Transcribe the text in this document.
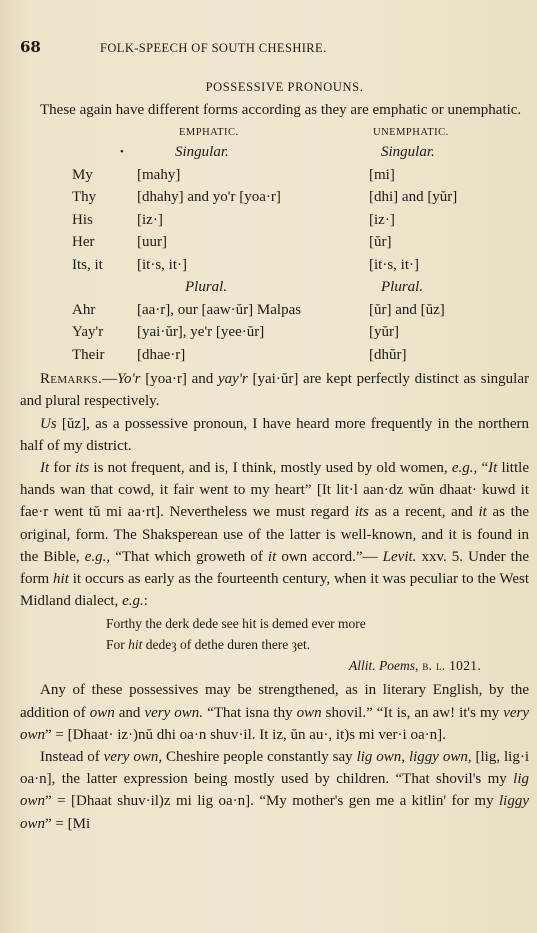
68	FOLK-SPEECH OF SOUTH CHESHIRE.
POSSESSIVE PRONOUNS.

These again have different forms according as they are emphatic or unemphatic.

EMPHATIC.	UNEMPHATIC.
•	Singular.	Singular.
My	[mahy]	[mi]
Thy	[dhahy] and yo'r [yoa·r]	[dhi] and [yŭr]
His	[iz·]	[iz·]
Her	[uur]	[ŭr]
Its, it	[it·s, it·]	[it·s, it·]
Plural.	Plural.
Ahr	[aa·r], our [aaw·ŭr] Malpas	[ŭr] and [ŭz]
Yay'r	[yai·ŭr], ye'r [yee·ŭr]	[yŭr]
Their	[dhae·r]	[dhŭr]

Remarks.—Yo'r [yoa·r] and yay'r [yai·ŭr] are kept perfectly distinct as singular and plural respectively.

Us [ŭz], as a possessive pronoun, I have heard more frequently in the northern half of my district.

It for its is not frequent, and is, I think, mostly used by old women, e.g., “It little hands wan that cowd, it fair went to my heart” [It lit·l aan·dz wŭn dhaat· kuwd it fae·r went tŭ mi aa·rt]. Nevertheless we must regard its as a recent, and it as the original, form. The Shaksperean use of the latter is well-known, and it is found in the Bible, e.g., “That which groweth of it own accord.”— Levit. xxv. 5. Under the form hit it occurs as early as the fourteenth century, when it was peculiar to the West Midland dialect, e.g.:

Forthy the derk dede see hit is demed ever more
For hit dedeȝ of dethe duren there ȝet.
Allit. Poems, b. l. 1021.

Any of these possessives may be strengthened, as in literary English, by the addition of own and very own. “That isna thy own shovil.” “It is, an aw! it's my very own” = [Dhaat· iz·)nŭ dhi oa·n shuv·il. It iz, ŭn au·, it)s mi ver·i oa·n].

Instead of very own, Cheshire people constantly say lig own, liggy own, [lig, lig·i oa·n], the latter expression being mostly used by children. “That shovil's my lig own” = [Dhaat shuv·il)z mi lig oa·n]. “My mother's gen me a kitlin' for my liggy own” = [Mi
